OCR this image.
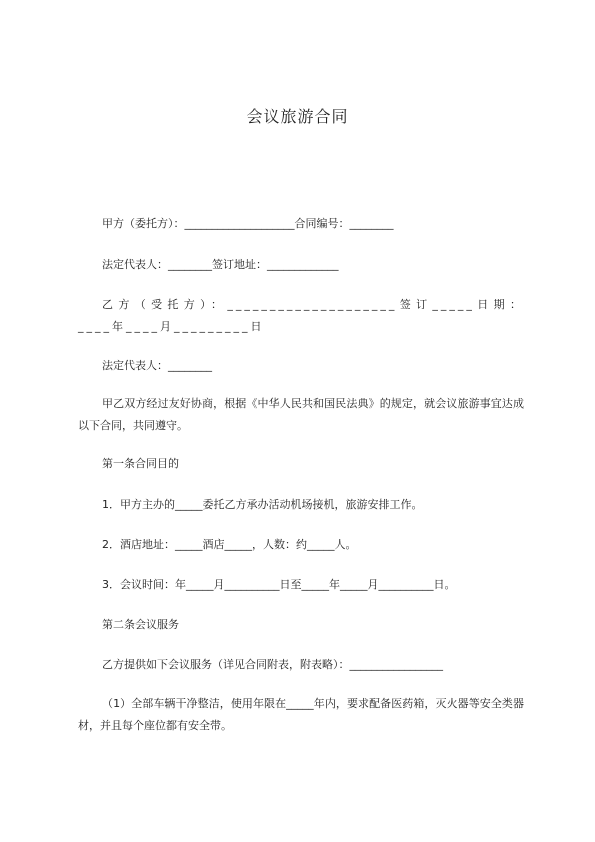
会议旅游合同
甲方（委托方）：____________________合同编号：________
法定代表人：________签订地址：_____________
乙方（受托方）：____________________签订_____日期：____年____月_________日
法定代表人：________
甲乙双方经过友好协商，根据《中华人民共和国民法典》的规定，就会议旅游事宜达成以下合同，共同遵守。
第一条合同目的
1．甲方主办的_____委托乙方承办活动机场接机，旅游安排工作。
2．酒店地址：_____酒店_____，人数：约_____人。
3．会议时间：年_____月__________日至_____年_____月__________日。
第二条会议服务
乙方提供如下会议服务（详见合同附表，附表略）：_________________
（1）全部车辆干净整洁，使用年限在_____年内，要求配备医药箱，灭火器等安全类器材，并且每个座位都有安全带。
